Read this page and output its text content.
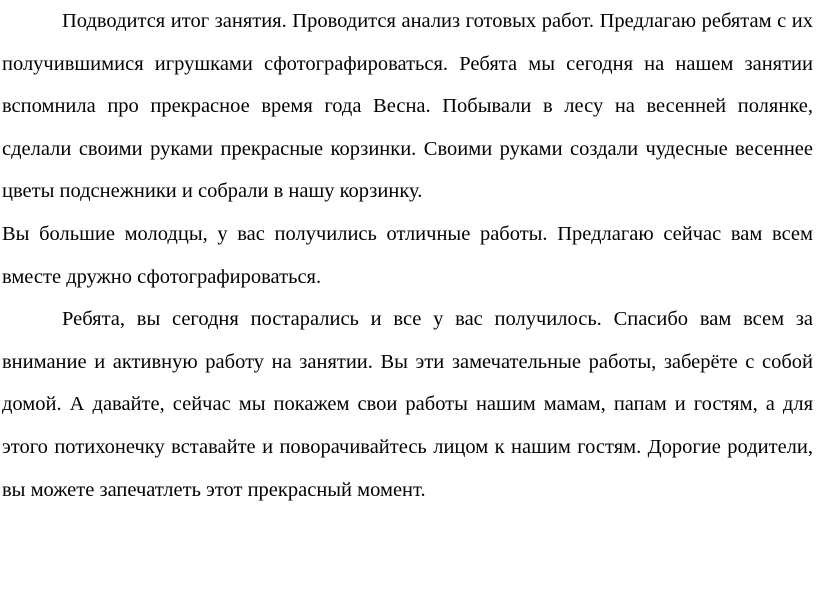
Подводится итог занятия. Проводится анализ готовых работ. Предлагаю ребятам с их получившимися игрушками сфотографироваться. Ребята мы сегодня на нашем занятии вспомнила про прекрасное время года Весна. Побывали в лесу на весенней полянке, сделали своими руками прекрасные корзинки. Своими руками создали чудесные весеннее цветы подснежники и собрали в нашу корзинку.

Вы большие молодцы, у вас получились отличные работы. Предлагаю сейчас вам всем вместе дружно сфотографироваться.

Ребята, вы сегодня постарались и все у вас получилось. Спасибо вам всем за внимание и активную работу на занятии. Вы эти замечательные работы, заберёте с собой домой. А давайте, сейчас мы покажем свои работы нашим мамам, папам и гостям, а для этого потихонечку вставайте и поворачивайтесь лицом к нашим гостям. Дорогие родители, вы можете запечатлеть этот прекрасный момент.
